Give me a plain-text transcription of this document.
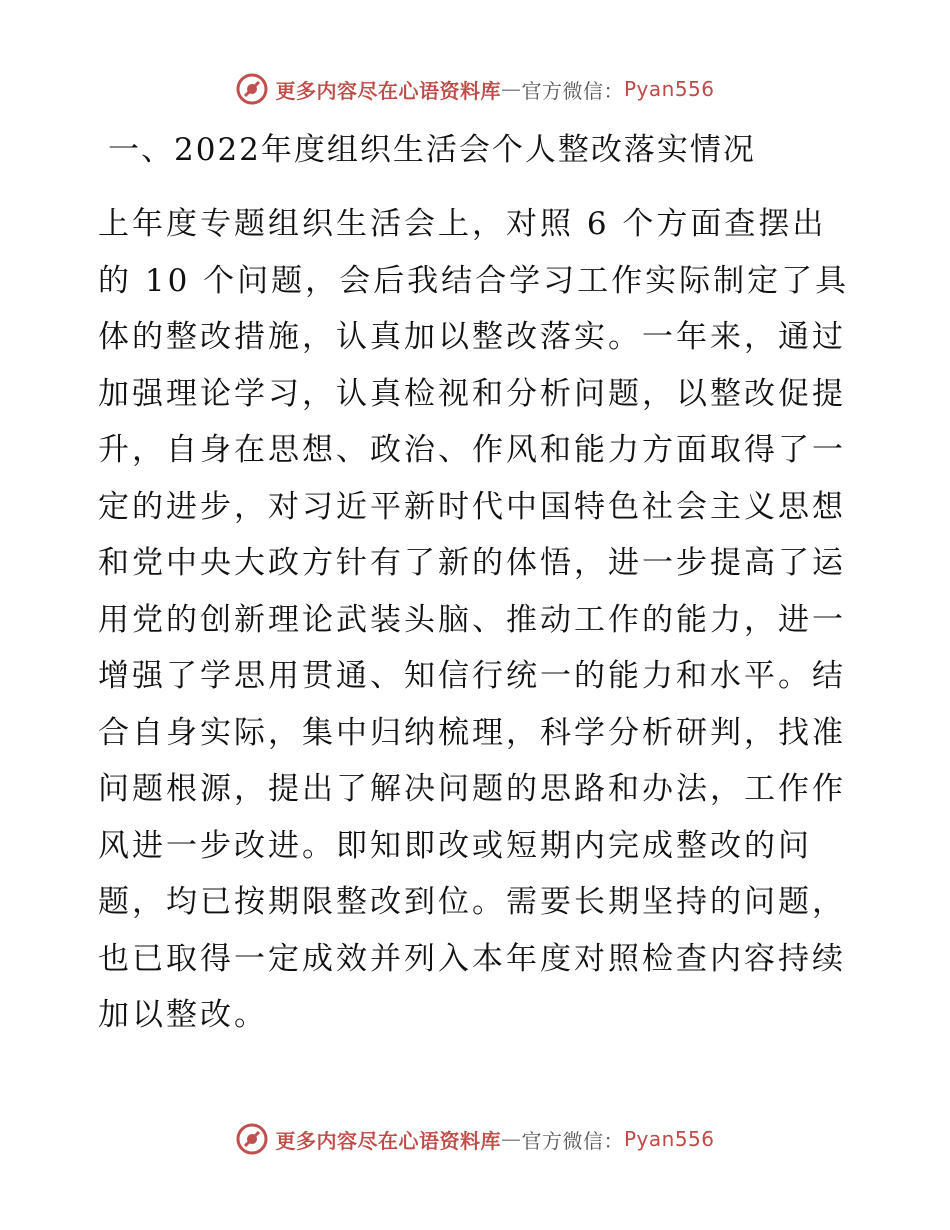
更多内容尽在心语资料库 — 官方微信： Pyan556
一、2022年度组织生活会个人整改落实情况
上年度专题组织生活会上，对照 6 个方面查摆出
的 10 个问题，会后我结合学习工作实际制定了具
体的整改措施，认真加以整改落实。一年来，通过
加强理论学习，认真检视和分析问题，以整改促提
升，自身在思想、政治、作风和能力方面取得了一
定的进步，对习近平新时代中国特色社会主义思想
和党中央大政方针有了新的体悟，进一步提高了运
用党的创新理论武装头脑、推动工作的能力，进一
增强了学思用贯通、知信行统一的能力和水平。结
合自身实际，集中归纳梳理，科学分析研判，找准
问题根源，提出了解决问题的思路和办法，工作作
风进一步改进。即知即改或短期内完成整改的问
题，均已按期限整改到位。需要长期坚持的问题，
也已取得一定成效并列入本年度对照检查内容持续
加以整改。
更多内容尽在心语资料库 — 官方微信： Pyan556
